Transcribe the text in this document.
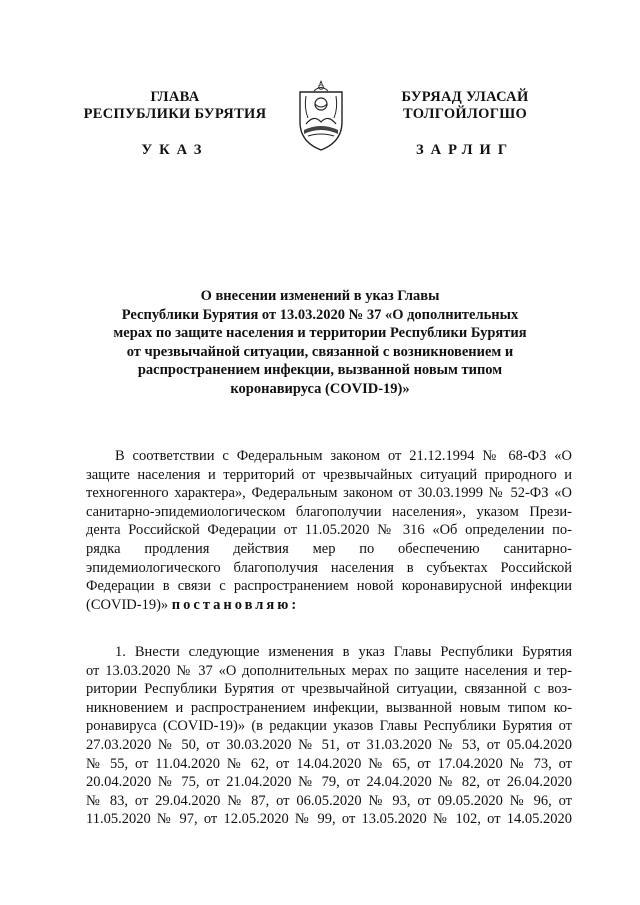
ГЛАВА
РЕСПУБЛИКИ БУРЯТИЯ
УКАЗ
БУРЯАД УЛАСАЙ
ТОЛГОЙЛОГШО
ЗАРЛИГ
О внесении изменений в указ Главы
Республики Бурятия от 13.03.2020 № 37 «О дополнительных
мерах по защите населения и территории Республики Бурятия
от чрезвычайной ситуации, связанной с возникновением и
распространением инфекции, вызванной новым типом
коронавируса (COVID-19)»
  В соответствии с Федеральным законом от 21.12.1994 № 68-ФЗ «О
защите населения и территорий от чрезвычайных ситуаций природного и
техногенного характера», Федеральным законом от 30.03.1999 № 52-ФЗ «О
санитарно-эпидемиологическом благополучии населения», указом Прези-
дента Российской Федерации от 11.05.2020 № 316 «Об определении по-
рядка продления действия мер по обеспечению санитарно-
эпидемиологического благополучия населения в субъектах Российской
Федерации в связи с распространением новой коронавирусной инфекции
(COVID-19)» постановляю:
  1. Внести следующие изменения в указ Главы Республики Бурятия
от 13.03.2020 № 37 «О дополнительных мерах по защите населения и тер-
ритории Республики Бурятия от чрезвычайной ситуации, связанной с воз-
никновением и распространением инфекции, вызванной новым типом ко-
ронавируса (COVID-19)» (в редакции указов Главы Республики Бурятия от
27.03.2020 № 50, от 30.03.2020 № 51, от 31.03.2020 № 53, от 05.04.2020
№ 55, от 11.04.2020 № 62, от 14.04.2020 № 65, от 17.04.2020 № 73, от
20.04.2020 № 75, от 21.04.2020 № 79, от 24.04.2020 № 82, от 26.04.2020
№ 83, от 29.04.2020 № 87, от 06.05.2020 № 93, от 09.05.2020 № 96, от
11.05.2020 № 97, от 12.05.2020 № 99, от 13.05.2020 № 102, от 14.05.2020
